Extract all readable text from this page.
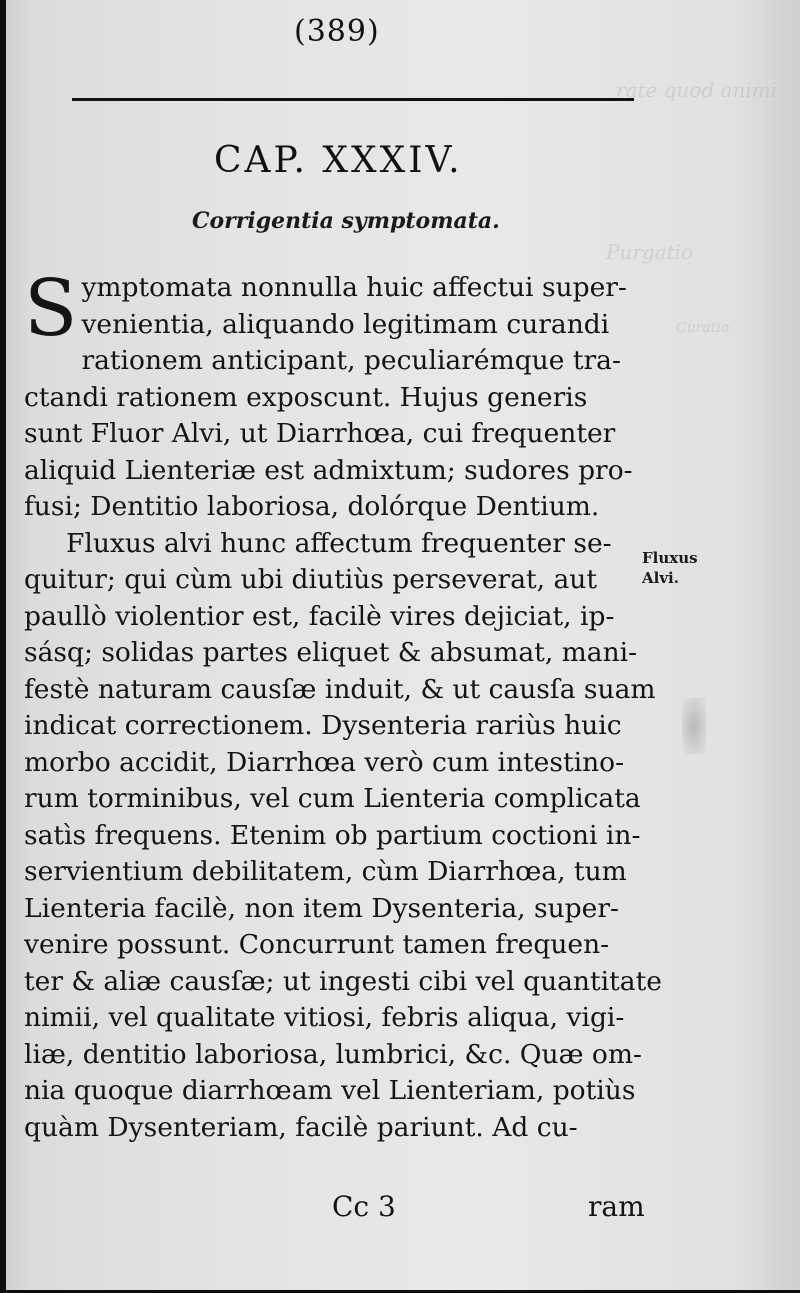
rate quod animi
Purgatio
Curatio
(389)
CAP. XXXIV.
Corrigentia symptomata.
S ymptomata nonnulla huic affectui super-
venientia, aliquando legitimam curandi
rationem anticipant, peculiarémque tra-
ctandi rationem exposcunt. Hujus generis
sunt Fluor Alvi, ut Diarrhœa, cui frequenter
aliquid Lienteriæ est admixtum; sudores pro-
fusi; Dentitio laboriosa, dolórque Dentium.
Fluxus alvi hunc affectum frequenter se-
quitur; qui cùm ubi diutiùs perseverat, aut
paullò violentior est, facilè vires dejiciat, ip-
sásq; solidas partes eliquet & absumat, mani-
festè naturam causſæ induit, & ut causſa suam
indicat correctionem. Dysenteria rariùs huic
morbo accidit, Diarrhœa verò cum intestino-
rum torminibus, vel cum Lienteria complicata
satìs frequens. Etenim ob partium coctioni in-
servientium debilitatem, cùm Diarrhœa, tum
Lienteria facilè, non item Dysenteria, super-
venire possunt. Concurrunt tamen frequen-
ter & aliæ causſæ; ut ingesti cibi vel quantitate
nimii, vel qualitate vitiosi, febris aliqua, vigi-
liæ, dentitio laboriosa, lumbrici, &c. Quæ om-
nia quoque diarrhœam vel Lienteriam, potiùs
quàm Dysenteriam, facilè pariunt. Ad cu-
Fluxus
Alvi.
Cc 3	ram
